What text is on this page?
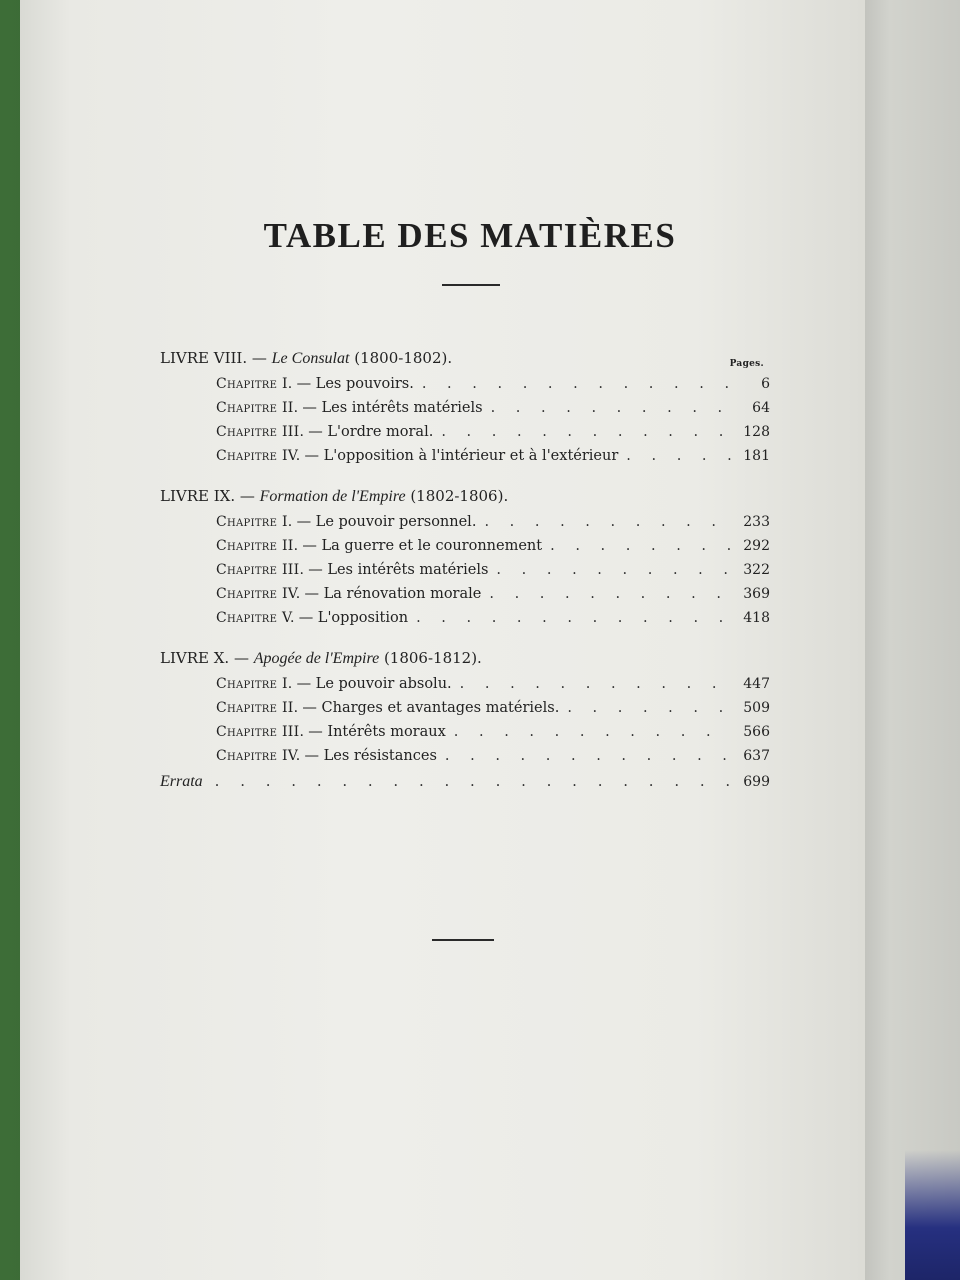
TABLE DES MATIÈRES
LIVRE VIII. — Le Consulat (1800-1802).	Pages.
Chapitre I. — Les pouvoirs. . . .	6
Chapitre II. — Les intérêts matériels . . .	64
Chapitre III. — L'ordre moral. . . .	128
Chapitre IV. — L'opposition à l'intérieur et à l'extérieur . . .	181
LIVRE IX. — Formation de l'Empire (1802-1806).
Chapitre I. — Le pouvoir personnel. . . .	233
Chapitre II. — La guerre et le couronnement . . .	292
Chapitre III. — Les intérêts matériels . . .	322
Chapitre IV. — La rénovation morale . . .	369
Chapitre V. — L'opposition . . .	418
LIVRE X. — Apogée de l'Empire (1806-1812).
Chapitre I. — Le pouvoir absolu. . . .	447
Chapitre II. — Charges et avantages matériels. . . .	509
Chapitre III. — Intérêts moraux . . .	566
Chapitre IV. — Les résistances . . .	637
Errata . . .	699
